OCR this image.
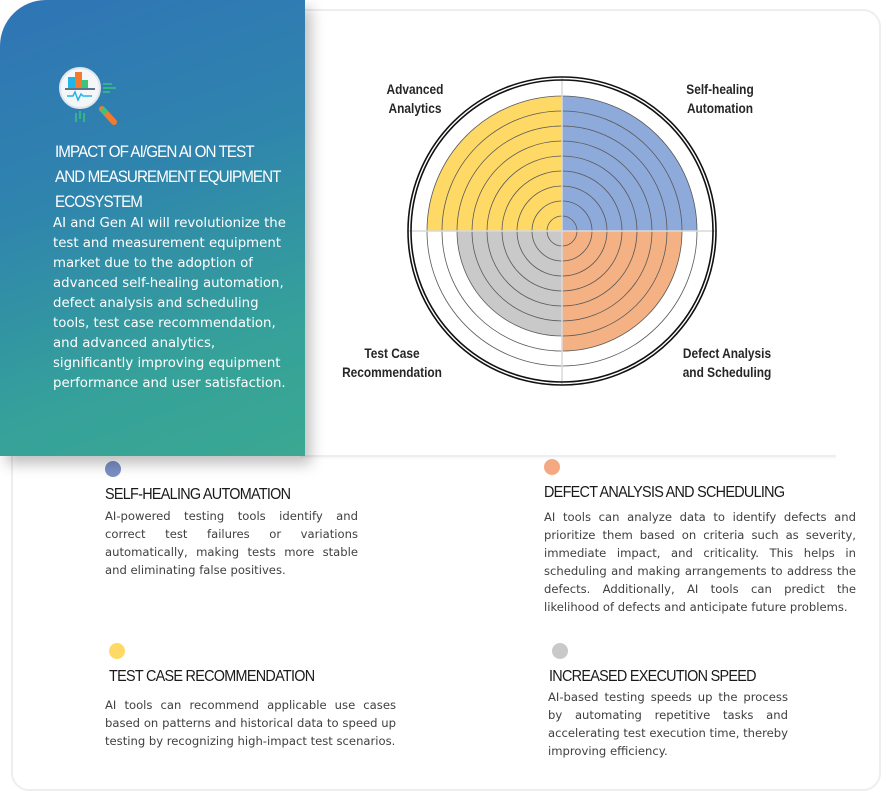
IMPACT OF AI/GEN AI ON TEST
AND MEASUREMENT EQUIPMENT
ECOSYSTEM
AI and Gen AI will revolutionize the test and measurement equipment market due to the adoption of advanced self-healing automation, defect analysis and scheduling tools, test case recommendation, and advanced analytics, significantly improving equipment performance and user satisfaction.
Self-healing
Automation
Defect Analysis
and Scheduling
Test Case
Recommendation
Advanced
Analytics
SELF-HEALING AUTOMATION
AI-powered testing tools identify and correct test failures or variations automatically, making tests more stable and eliminating false positives.
DEFECT ANALYSIS AND SCHEDULING
AI tools can analyze data to identify defects and prioritize them based on criteria such as severity, immediate impact, and criticality. This helps in scheduling and making arrangements to address the defects. Additionally, AI tools can predict the likelihood of defects and anticipate future problems.
TEST CASE RECOMMENDATION
AI tools can recommend applicable use cases based on patterns and historical data to speed up testing by recognizing high-impact test scenarios.
INCREASED EXECUTION SPEED
AI-based testing speeds up the process by automating repetitive tasks and accelerating test execution time, thereby improving efficiency.
